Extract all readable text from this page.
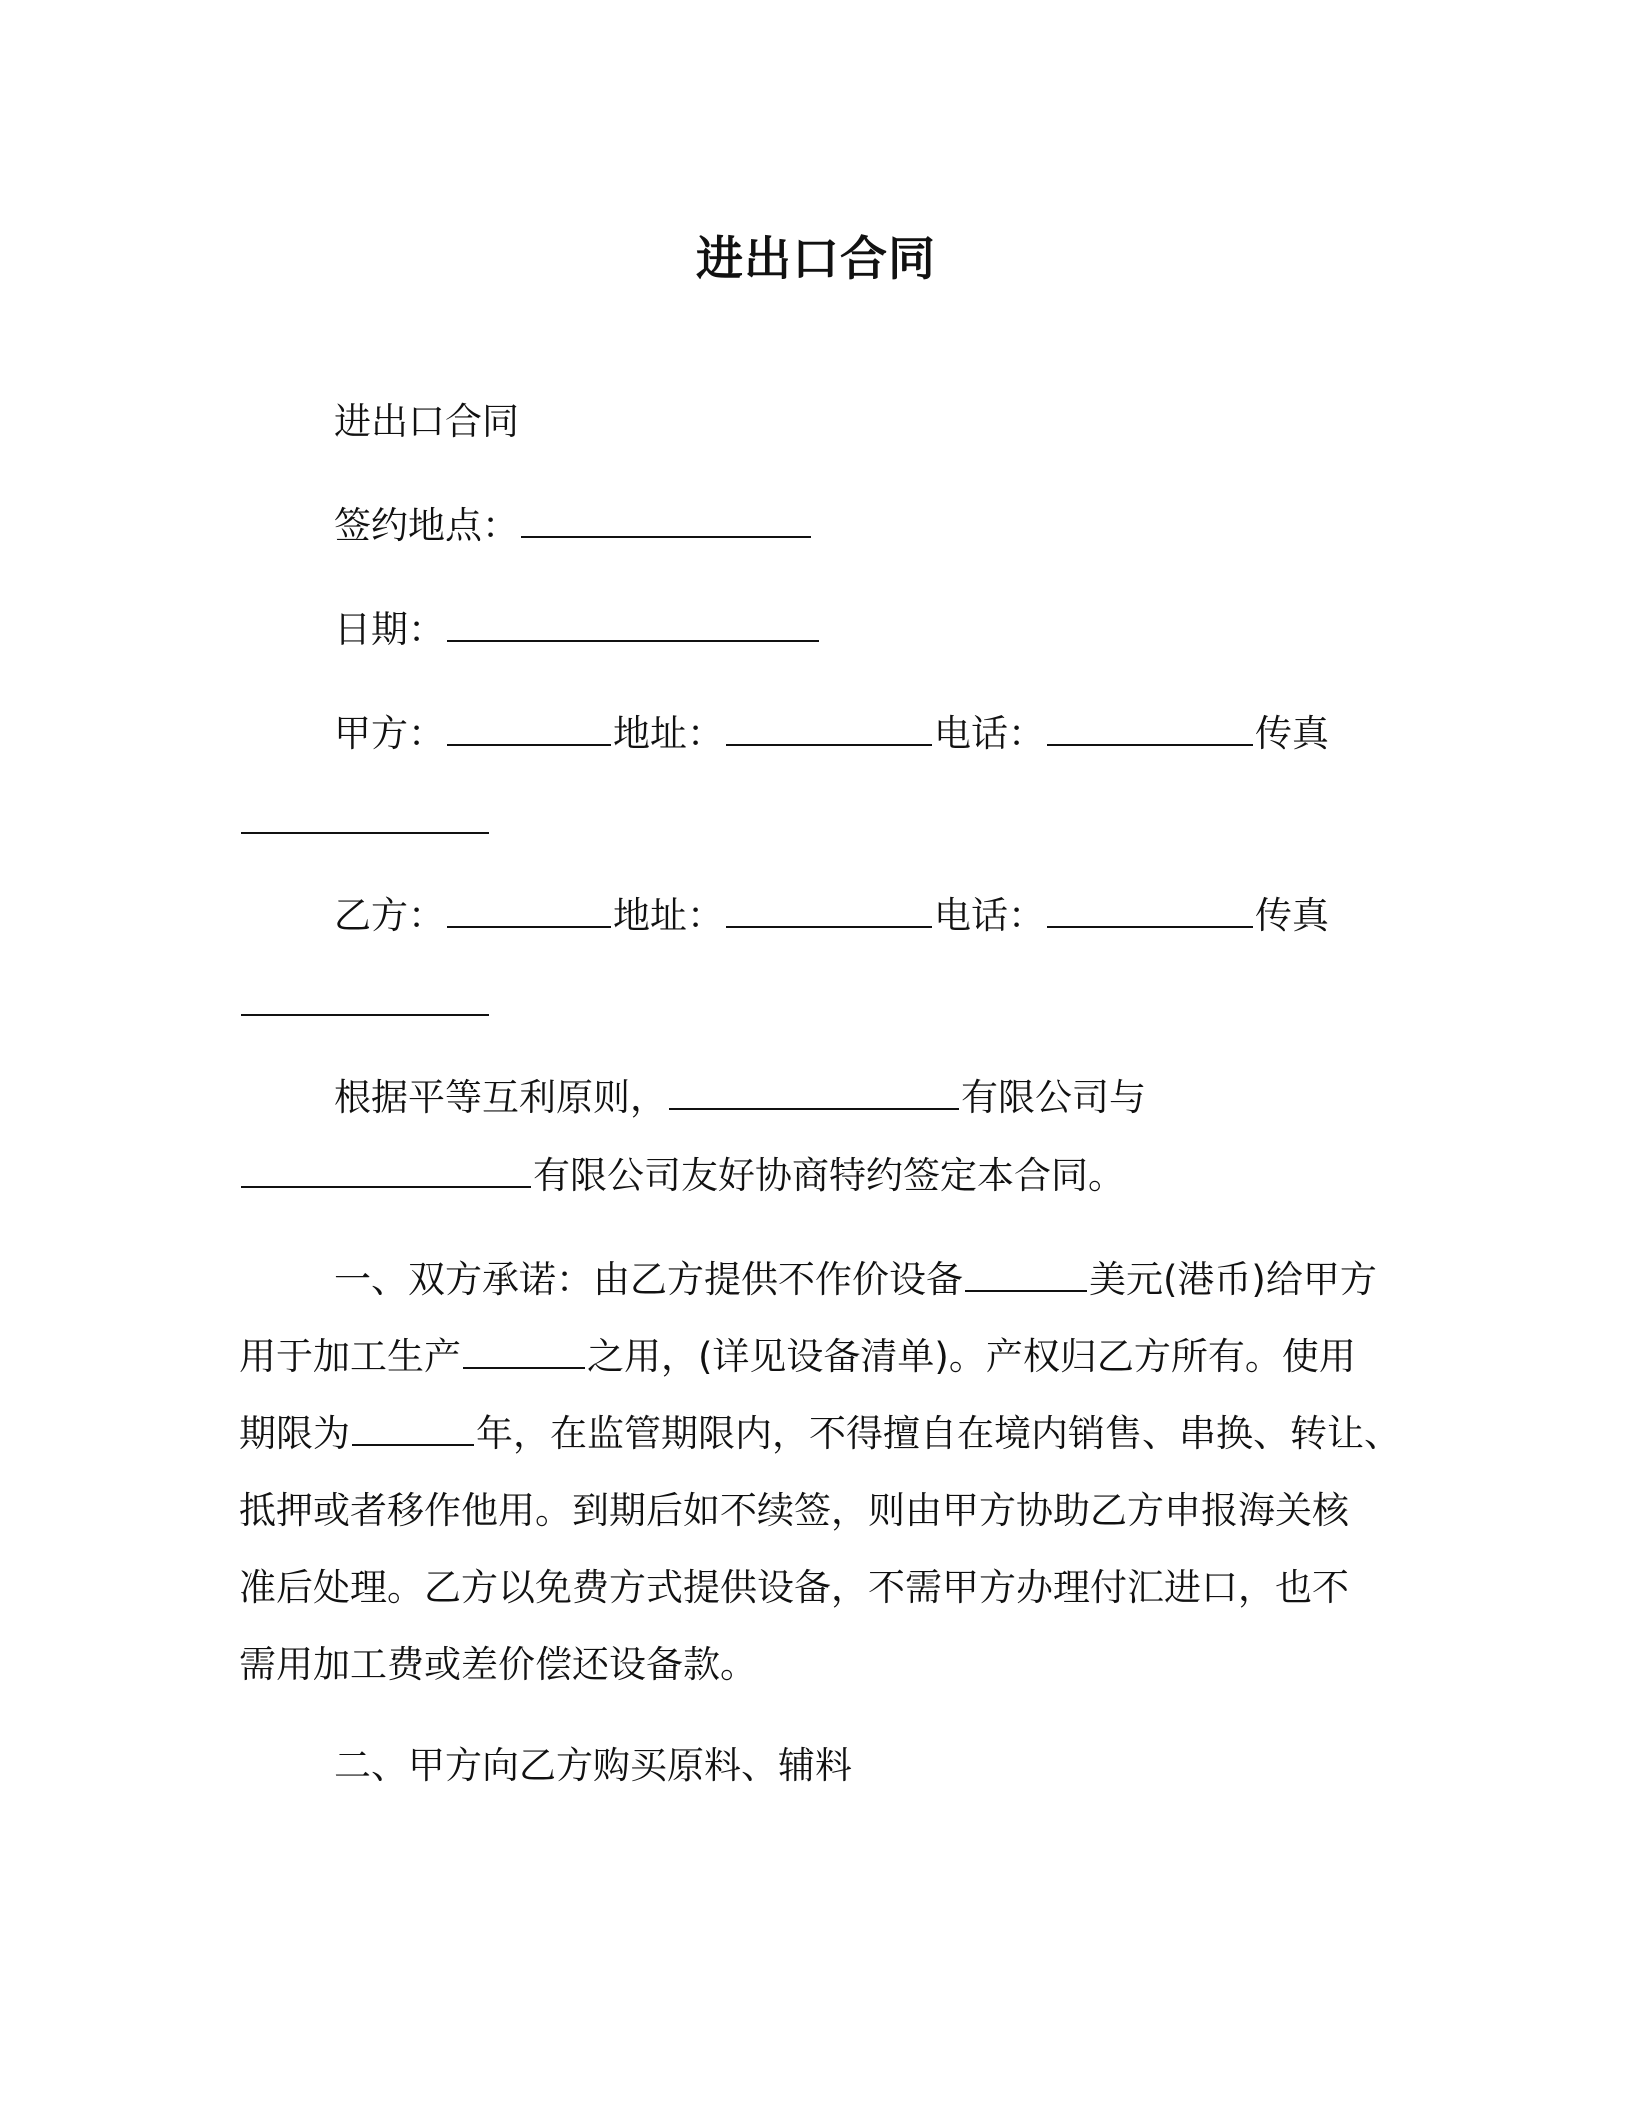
进出口合同
进出口合同
签约地点：
日期：
甲方：	地址：	电话：	传真
乙方：	地址：	电话：	传真
根据平等互利原则，	有限公司与
有限公司友好协商特约签定本合同。
一、双方承诺：由乙方提供不作价设备	美元(港币)给甲方
用于加工生产	之用，(详见设备清单)。产权归乙方所有。使用
期限为	年，在监管期限内，不得擅自在境内销售、串换、转让、
抵押或者移作他用。到期后如不续签，则由甲方协助乙方申报海关核
准后处理。乙方以免费方式提供设备，不需甲方办理付汇进口，也不
需用加工费或差价偿还设备款。
二、甲方向乙方购买原料、辅料
